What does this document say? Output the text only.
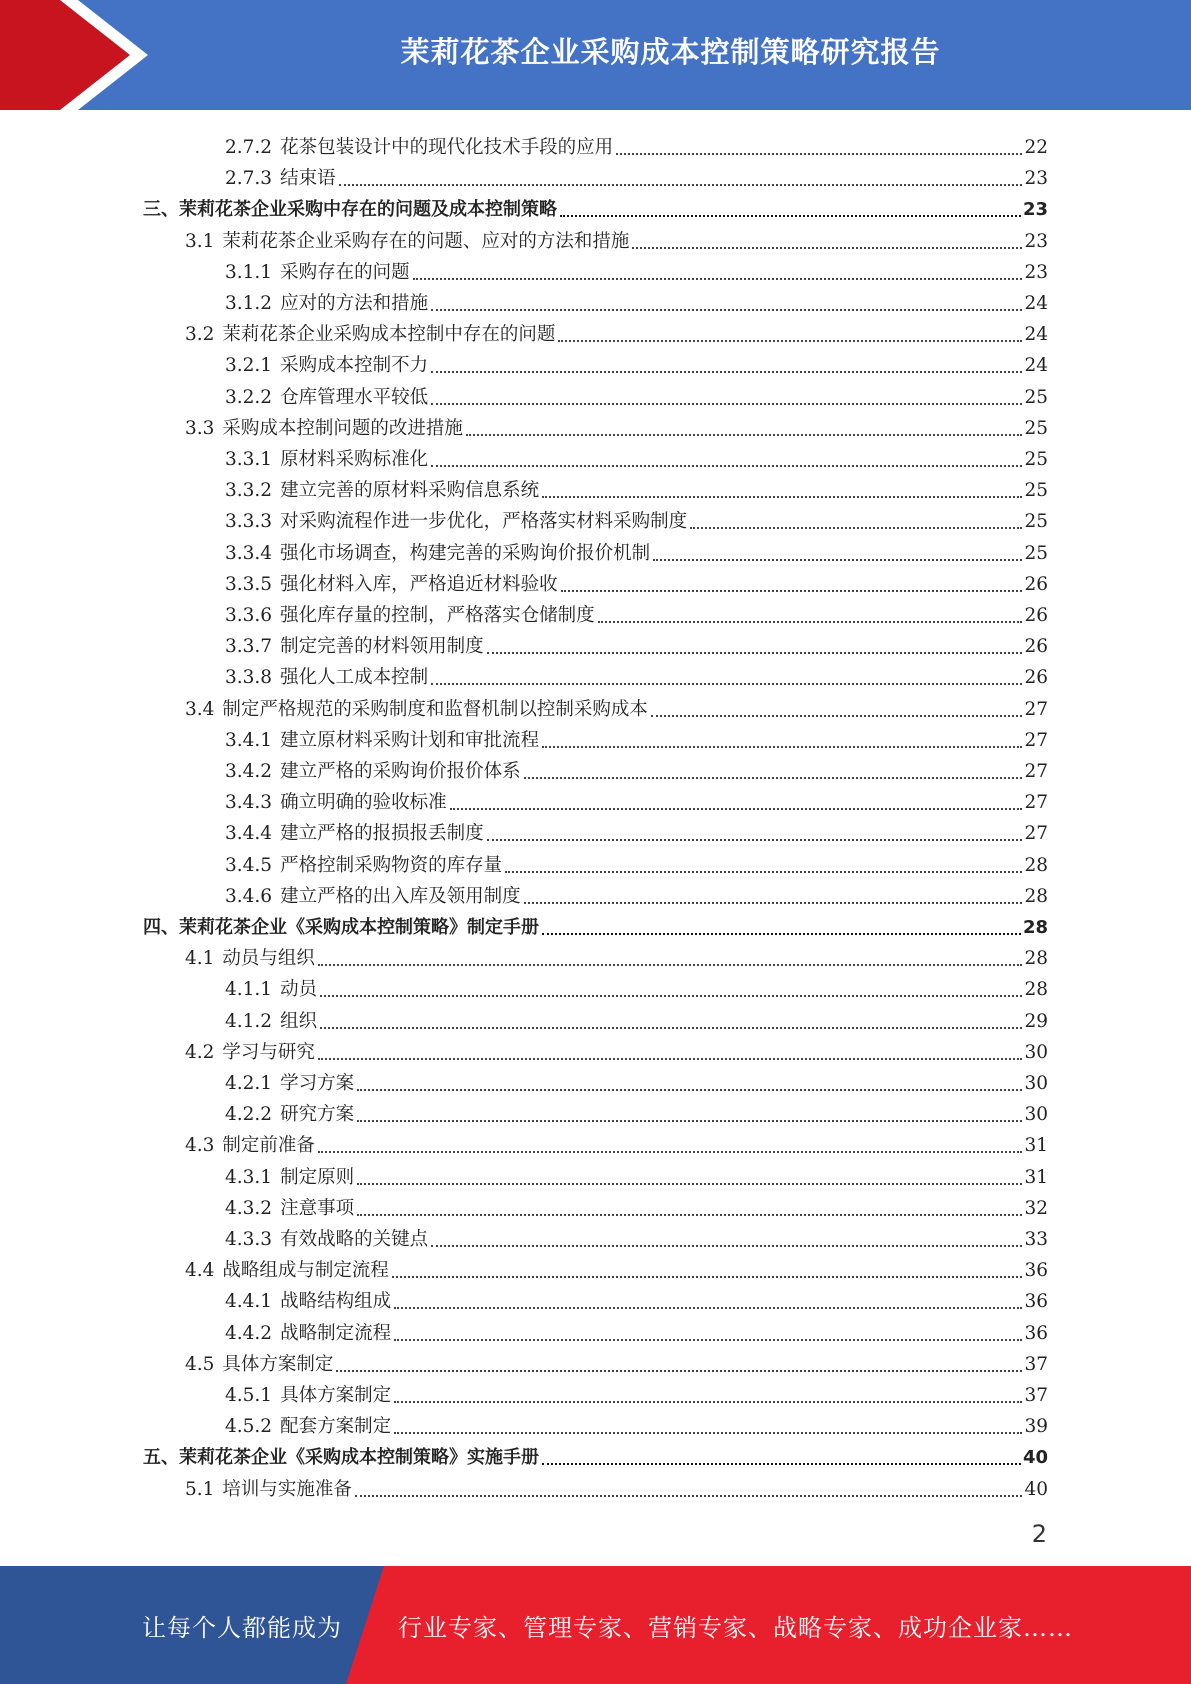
茉莉花茶企业采购成本控制策略研究报告
2.7.2 花茶包装设计中的现代化技术手段的应用	22
2.7.3 结束语	23
三、茉莉花茶企业采购中存在的问题及成本控制策略	23
3.1 茉莉花茶企业采购存在的问题、应对的方法和措施	23
3.1.1 采购存在的问题	23
3.1.2 应对的方法和措施	24
3.2 茉莉花茶企业采购成本控制中存在的问题	24
3.2.1 采购成本控制不力	24
3.2.2 仓库管理水平较低	25
3.3 采购成本控制问题的改进措施	25
3.3.1 原材料采购标准化	25
3.3.2 建立完善的原材料采购信息系统	25
3.3.3 对采购流程作进一步优化，严格落实材料采购制度	25
3.3.4 强化市场调查，构建完善的采购询价报价机制	25
3.3.5 强化材料入库，严格追近材料验收	26
3.3.6 强化库存量的控制，严格落实仓储制度	26
3.3.7 制定完善的材料领用制度	26
3.3.8 强化人工成本控制	26
3.4 制定严格规范的采购制度和监督机制以控制采购成本	27
3.4.1 建立原材料采购计划和审批流程	27
3.4.2 建立严格的采购询价报价体系	27
3.4.3 确立明确的验收标准	27
3.4.4 建立严格的报损报丢制度	27
3.4.5 严格控制采购物资的库存量	28
3.4.6 建立严格的出入库及领用制度	28
四、茉莉花茶企业《采购成本控制策略》制定手册	28
4.1 动员与组织	28
4.1.1 动员	28
4.1.2 组织	29
4.2 学习与研究	30
4.2.1 学习方案	30
4.2.2 研究方案	30
4.3 制定前准备	31
4.3.1 制定原则	31
4.3.2 注意事项	32
4.3.3 有效战略的关键点	33
4.4 战略组成与制定流程	36
4.4.1 战略结构组成	36
4.4.2 战略制定流程	36
4.5 具体方案制定	37
4.5.1 具体方案制定	37
4.5.2 配套方案制定	39
五、茉莉花茶企业《采购成本控制策略》实施手册	40
5.1 培训与实施准备	40
2
让每个人都能成为 行业专家、管理专家、营销专家、战略专家、成功企业家……
